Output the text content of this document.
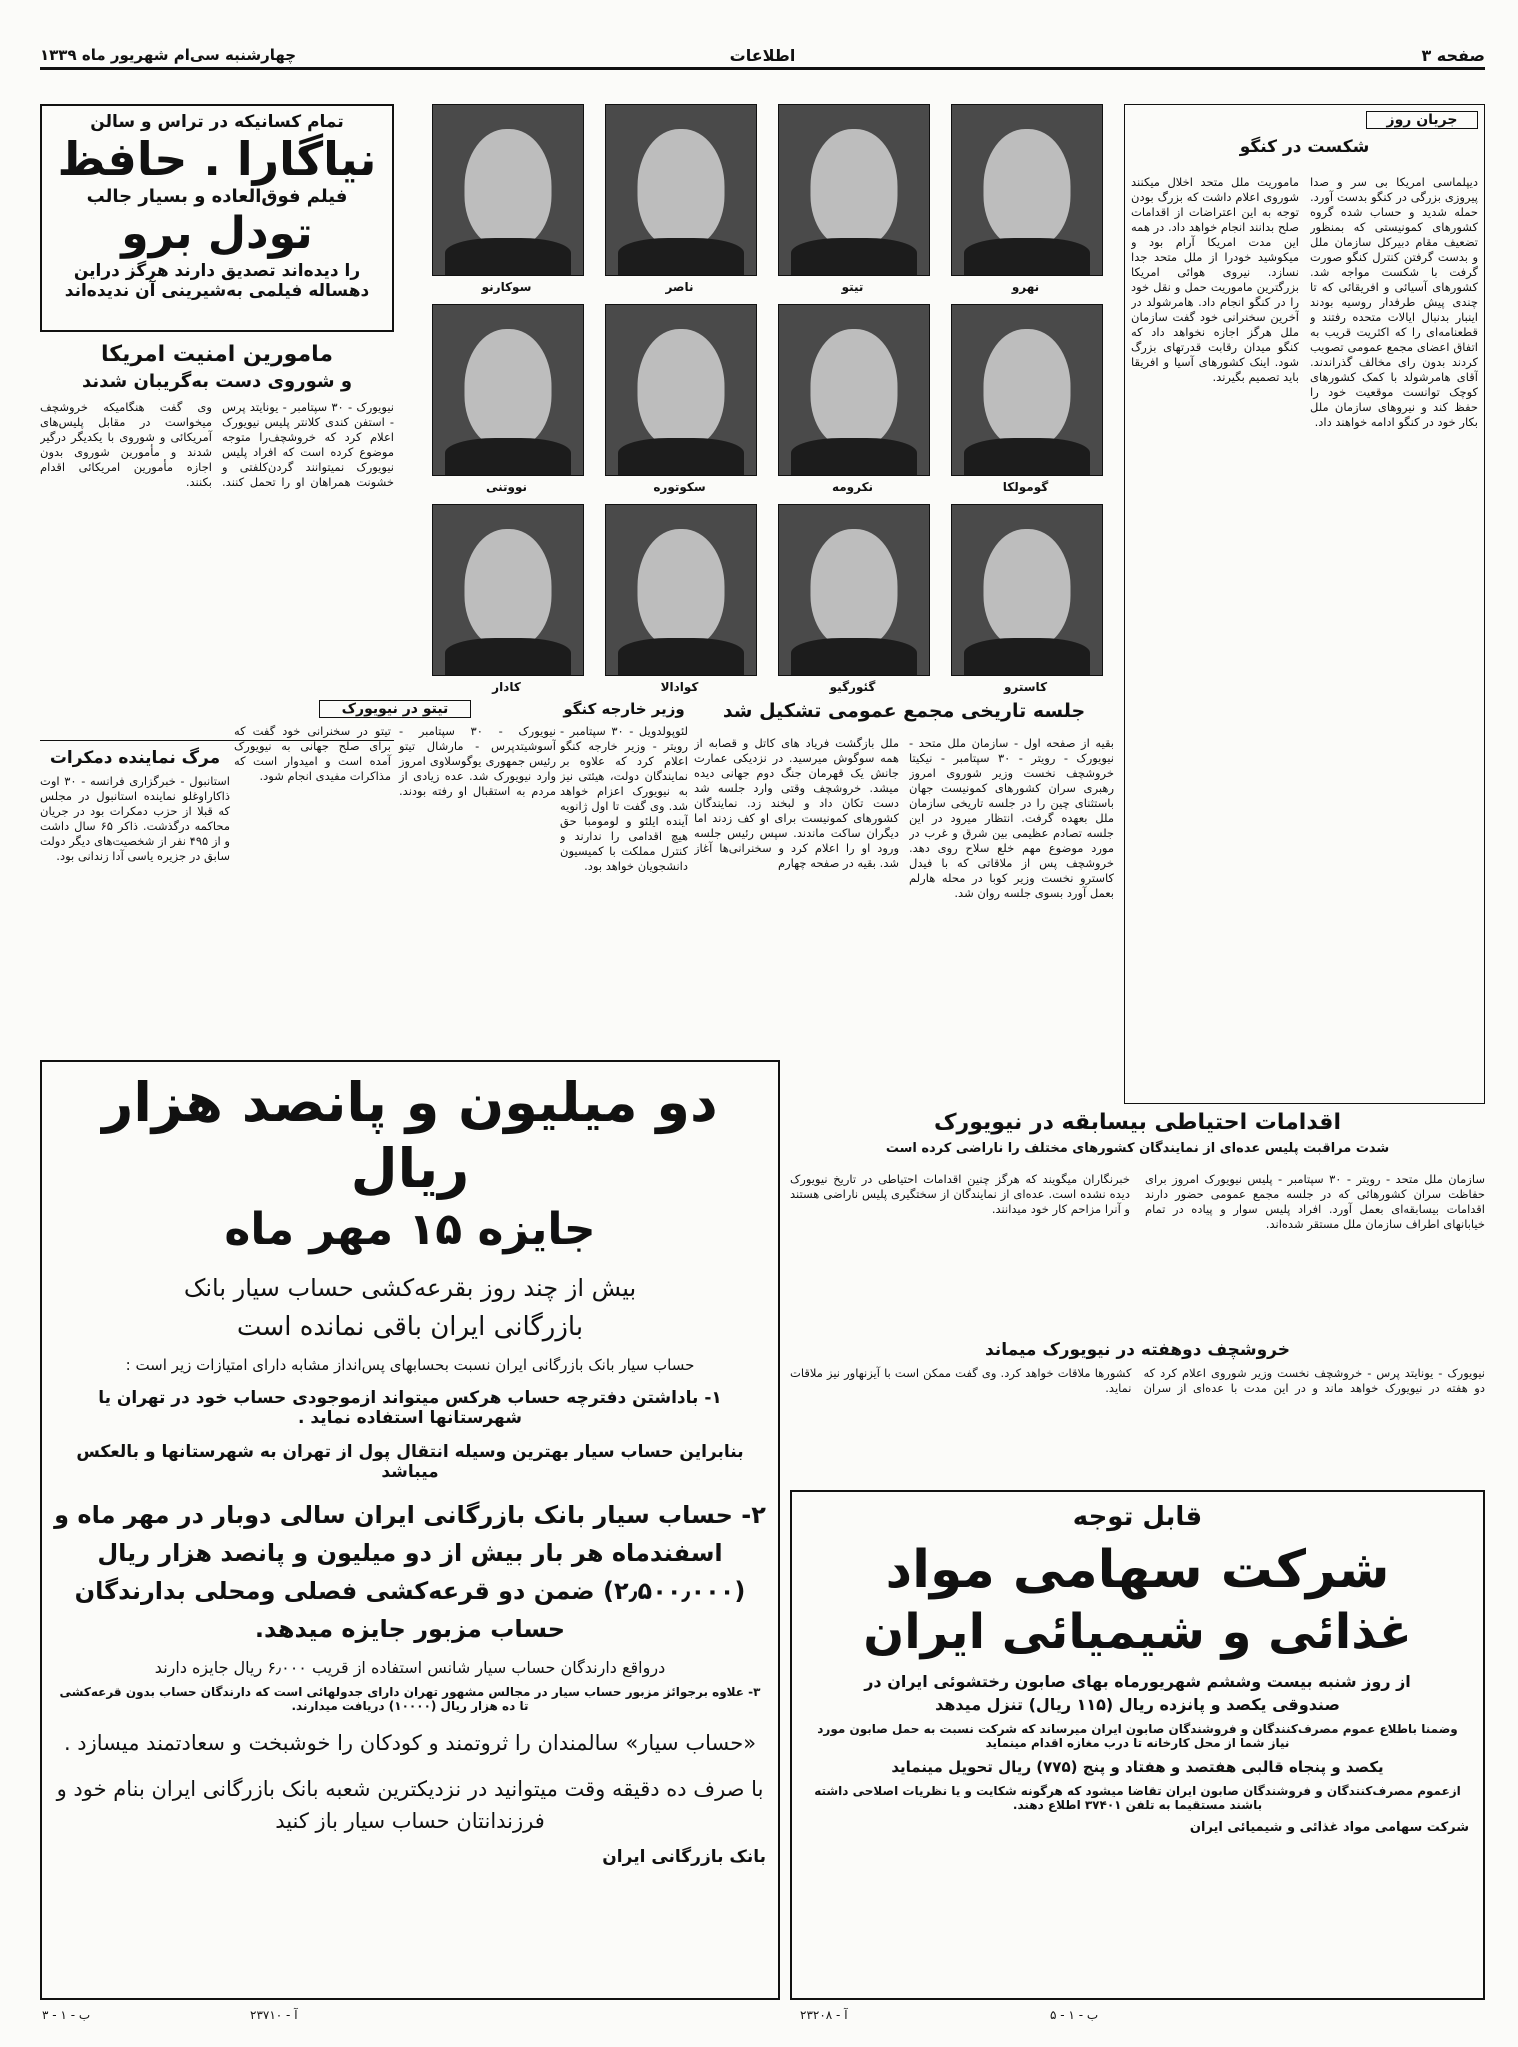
صفحه ۳
اطلاعات
چهارشنبه سی‌ام شهریور ماه ۱۳۳۹
تمام کسانیکه در تراس و سالن
نیاگارا . حافظ
فیلم فوق‌العاده و بسیار جالب
تودل برو
را دیده‌اند تصدیق دارند هرگز دراین
دهساله فیلمی به‌شیرینی آن ندیده‌اند
مامورین امنیت امریکا
و شوروی دست به‌گریبان شدند
نیویورک - ۳۰ سپتامبر - یونایتد پرس - استفن کندی کلانتر پلیس نیویورک اعلام کرد که خروشچف‌را متوجه موضوع کرده است که افراد پلیس نیویورک نمیتوانند گردن‌کلفتی و خشونت همراهان او را تحمل کنند. وی گفت هنگامیکه خروشچف میخواست در مقابل پلیس‌های آمریکائی و شوروی با یکدیگر درگیر شدند و مأمورین شوروی بدون اجازه مأمورین امریکائی اقدام بکنند.
مرگ نماینده دمکرات
استانبول - خبرگزاری فرانسه - ۳۰ اوت ذاکاراوغلو نماینده استانبول در مجلس که قبلا از حزب دمکرات بود در جریان محاکمه درگذشت. ذاکر ۶۵ سال داشت و از ۴۹۵ نفر از شخصیت‌های دیگر دولت سابق در جزیره یاسی آدا زندانی بود.
تیتو در نیویورک
نیویورک - ۳۰ سپتامبر - آسوشیتدپرس - مارشال تیتو رئیس جمهوری یوگوسلاوی امروز وارد نیویورک شد. عده زیادی از مردم به استقبال او رفته بودند. تیتو در سخنرانی خود گفت که برای صلح جهانی به نیویورک آمده است و امیدوار است که مذاکرات مفیدی انجام شود.
نهرو
تیتو
ناصر
سوکارنو
گومولکا
نکرومه
سکوتوره
نووتنی
کاسترو
گئورگیو
کوادالا
کادار
وزیر خارجه کنگو
لئوپولدویل - ۳۰ سپتامبر - رویتر - وزیر خارجه کنگو اعلام کرد که علاوه بر نمایندگان دولت، هیئتی نیز به نیویورک اعزام خواهد شد. وی گفت تا اول ژانویه آینده ایلئو و لومومبا حق هیچ اقدامی را ندارند و کنترل مملکت با کمیسیون دانشجویان خواهد بود.
جلسه تاریخی مجمع عمومی تشکیل شد
بقیه از صفحه اول - سازمان ملل متحد - نیویورک - رویتر - ۳۰ سپتامبر - نیکیتا خروشچف نخست وزیر شوروی امروز رهبری سران کشورهای کمونیست جهان باستثنای چین را در جلسه تاریخی سازمان ملل بعهده گرفت. انتظار میرود در این جلسه تصادم عظیمی بین شرق و غرب در مورد موضوع مهم خلع سلاح روی دهد. خروشچف پس از ملاقاتی که با فیدل کاسترو نخست وزیر کوبا در محله هارلم بعمل آورد بسوی جلسه روان شد.
ملل بازگشت فریاد های کاتل و قصابه از همه سوگوش میرسید. در نزدیکی عمارت جانش یک قهرمان جنگ دوم جهانی دیده میشد. خروشچف وقتی وارد جلسه شد دست تکان داد و لبخند زد. نمایندگان کشورهای کمونیست برای او کف زدند اما دیگران ساکت ماندند. سپس رئیس جلسه ورود او را اعلام کرد و سخنرانی‌ها آغاز شد. بقیه در صفحه چهارم
جریان روز
شکست در کنگو
دیپلماسی امریکا بی سر و صدا پیروزی بزرگی در کنگو بدست آورد. حمله شدید و حساب شده گروه کشورهای کمونیستی که بمنظور تضعیف مقام دبیرکل سازمان ملل و بدست گرفتن کنترل کنگو صورت گرفت با شکست مواجه شد. کشورهای آسیائی و افریقائی که تا چندی پیش طرفدار روسیه بودند اینبار بدنبال ایالات متحده رفتند و قطعنامه‌ای را که اکثریت قریب به اتفاق اعضای مجمع عمومی تصویب کردند بدون رای مخالف گذراندند. آقای هامرشولد با کمک کشورهای کوچک توانست موقعیت خود را حفظ کند و نیروهای سازمان ملل بکار خود در کنگو ادامه خواهند داد.
ماموریت ملل متحد اخلال میکنند شوروی اعلام داشت که بزرگ بودن توجه به این اعتراضات از اقدامات صلح بدانند انجام خواهد داد. در همه این مدت امریکا آرام بود و میکوشید خودرا از ملل متحد جدا نسازد. نیروی هوائی امریکا بزرگترین ماموریت حمل و نقل خود را در کنگو انجام داد. هامرشولد در آخرین سخنرانی خود گفت سازمان ملل هرگز اجازه نخواهد داد که کنگو میدان رقابت قدرتهای بزرگ شود. اینک کشورهای آسیا و افریقا باید تصمیم بگیرند.
اقدامات احتیاطی بیسابقه در نیویورک
شدت مراقبت پلیس عده‌ای از نمایندگان کشورهای مختلف را ناراضی کرده است
سازمان ملل متحد - رویتر - ۳۰ سپتامبر - پلیس نیویورک امروز برای حفاظت سران کشورهائی که در جلسه مجمع عمومی حضور دارند اقدامات بیسابقه‌ای بعمل آورد. افراد پلیس سوار و پیاده در تمام خیابانهای اطراف سازمان ملل مستقر شده‌اند.
خبرنگاران میگویند که هرگز چنین اقدامات احتیاطی در تاریخ نیویورک دیده نشده است. عده‌ای از نمایندگان از سختگیری پلیس ناراضی هستند و آنرا مزاحم کار خود میدانند.
خروشچف دوهفته در نیویورک میماند
نیویورک - یونایتد پرس - خروشچف نخست وزیر شوروی اعلام کرد که دو هفته در نیویورک خواهد ماند و در این مدت با عده‌ای از سران کشورها ملاقات خواهد کرد. وی گفت ممکن است با آیزنهاور نیز ملاقات نماید.
دو میلیون و پانصد هزار ریال
جایزه ۱۵ مهر ماه
بیش از چند روز بقرعه‌کشی حساب سیار بانک
بازرگانی ایران باقی نمانده است
حساب سیار بانک بازرگانی ایران نسبت بحسابهای پس‌انداز مشابه دارای امتیازات زیر است :
۱- باداشتن دفترچه حساب هرکس میتواند ازموجودی حساب خود در تهران یا شهرستانها استفاده نماید .
بنابراین حساب سیار بهترین وسیله انتقال پول از تهران به شهرستانها و بالعکس میباشد
۲- حساب سیار بانک بازرگانی ایران سالی دوبار در مهر ماه و اسفندماه هر بار بیش از دو میلیون و پانصد هزار ریال (۲٫۵۰۰٫۰۰۰) ضمن دو قرعه‌کشی فصلی ومحلی بدارندگان حساب مزبور جایزه میدهد.
درواقع دارندگان حساب سیار شانس استفاده از قریب ۶٫۰۰۰ ریال جایزه دارند
۳- علاوه برجوائز مزبور حساب سیار در مجالس مشهور تهران دارای جدولهائی است که دارندگان حساب بدون قرعه‌کشی تا ده هزار ریال (۱۰۰۰۰) دریافت میدارند.
«حساب سیار» سالمندان را ثروتمند و کودکان را خوشبخت و سعادتمند میسازد .
با صرف ده دقیقه وقت میتوانید در نزدیکترین شعبه بانک بازرگانی ایران بنام خود و فرزندانتان حساب سیار باز کنید
بانک بازرگانی ایران
قابل توجه
شرکت سهامی مواد
غذائی و شیمیائی ایران
از روز شنبه بیست وششم شهریورماه بهای صابون رختشوئی ایران در
صندوقی یکصد و پانزده ریال (۱۱۵ ریال) تنزل میدهد
وضمنا باطلاع عموم مصرف‌کنندگان و فروشندگان صابون ایران میرساند که شرکت نسبت به حمل صابون مورد نیاز شما از محل کارخانه تا درب مغازه اقدام مینماید
یکصد و پنجاه قالبی هفتصد و هفتاد و پنج (۷۷۵) ریال تحویل مینماید
ازعموم مصرف‌کنندگان و فروشندگان صابون ایران تقاضا میشود که هرگونه شکایت و یا نظریات اصلاحی داشته باشند مستقیما به تلفن ۳۷۴۰۱ اطلاع دهند.
شرکت سهامی مواد غذائی و شیمیائی ایران
آ - ۲۳۷۱۰
ب - ۱ - ۳	آ - ۲۳۲۰۸	ب - ۱ - ۵
